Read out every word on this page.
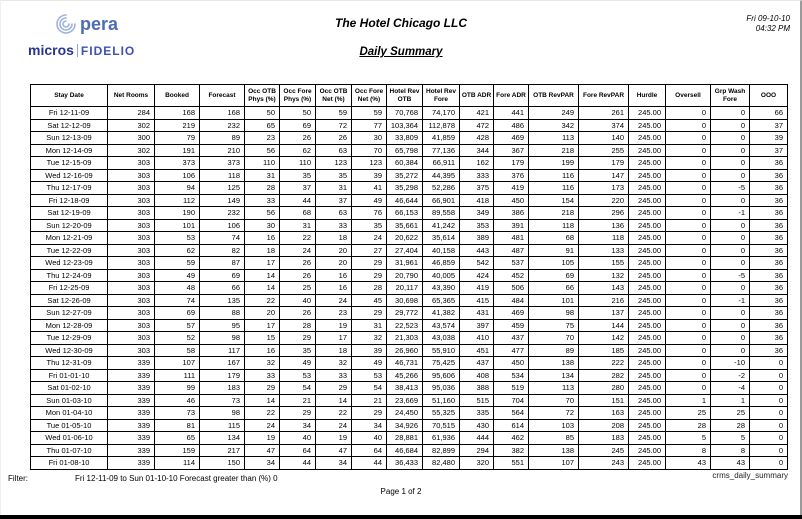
pera
micros FIDELIO
The Hotel Chicago LLC
Daily Summary
Fri 09-10-10
04:32 PM
Stay Date	Net Rooms	Booked	Forecast	Occ OTB Phys (%)	Occ Fore Phys (%)	Occ OTB Net (%)	Occ Fore Net (%)	Hotel Rev OTB	Hotel Rev Fore	OTB ADR	Fore ADR	OTB RevPAR	Fore RevPAR	Hurdle	Oversell	Grp Wash Fore	OOO
Fri 12-11-09	284	168	168	50	50	59	59	70,768	74,170	421	441	249	261	245.00	0	0	66
Sat 12-12-09	302	219	232	65	69	72	77	103,364	112,878	472	486	342	374	245.00	0	0	37
Sun 12-13-09	300	79	89	23	26	26	30	33,809	41,859	428	469	113	140	245.00	0	0	39
Mon 12-14-09	302	191	210	56	62	63	70	65,798	77,136	344	367	218	255	245.00	0	0	37
Tue 12-15-09	303	373	373	110	110	123	123	60,384	66,911	162	179	199	179	245.00	0	0	36
Wed 12-16-09	303	106	118	31	35	35	39	35,272	44,395	333	376	116	147	245.00	0	0	36
Thu 12-17-09	303	94	125	28	37	31	41	35,298	52,286	375	419	116	173	245.00	0	-5	36
Fri 12-18-09	303	112	149	33	44	37	49	46,644	66,901	418	450	154	220	245.00	0	0	36
Sat 12-19-09	303	190	232	56	68	63	76	66,153	89,558	349	386	218	296	245.00	0	-1	36
Sun 12-20-09	303	101	106	30	31	33	35	35,661	41,242	353	391	118	136	245.00	0	0	36
Mon 12-21-09	303	53	74	16	22	18	24	20,622	35,614	389	481	68	118	245.00	0	0	36
Tue 12-22-09	303	62	82	18	24	20	27	27,404	40,158	443	487	91	133	245.00	0	0	36
Wed 12-23-09	303	59	87	17	26	20	29	31,961	46,859	542	537	105	155	245.00	0	0	36
Thu 12-24-09	303	49	69	14	26	16	29	20,790	40,005	424	452	69	132	245.00	0	-5	36
Fri 12-25-09	303	48	66	14	25	16	28	20,117	43,390	419	506	66	143	245.00	0	0	36
Sat 12-26-09	303	74	135	22	40	24	45	30,698	65,365	415	484	101	216	245.00	0	-1	36
Sun 12-27-09	303	69	88	20	26	23	29	29,772	41,382	431	469	98	137	245.00	0	0	36
Mon 12-28-09	303	57	95	17	28	19	31	22,523	43,574	397	459	75	144	245.00	0	0	36
Tue 12-29-09	303	52	98	15	29	17	32	21,303	43,038	410	437	70	142	245.00	0	0	36
Wed 12-30-09	303	58	117	16	35	18	39	26,960	55,910	451	477	89	185	245.00	0	0	36
Thu 12-31-09	339	107	167	32	49	32	49	46,731	75,425	437	450	138	222	245.00	0	-10	0
Fri 01-01-10	339	111	179	33	53	33	53	45,266	95,606	408	534	134	282	245.00	0	-2	0
Sat 01-02-10	339	99	183	29	54	29	54	38,413	95,036	388	519	113	280	245.00	0	-4	0
Sun 01-03-10	339	46	73	14	21	14	21	23,669	51,160	515	704	70	151	245.00	1	1	0
Mon 01-04-10	339	73	98	22	29	22	29	24,450	55,325	335	564	72	163	245.00	25	25	0
Tue 01-05-10	339	81	115	24	34	24	34	34,926	70,515	430	614	103	208	245.00	28	28	0
Wed 01-06-10	339	65	134	19	40	19	40	28,881	61,936	444	462	85	183	245.00	5	5	0
Thu 01-07-10	339	159	217	47	64	47	64	46,684	82,899	294	382	138	245	245.00	8	8	0
Fri 01-08-10	339	114	150	34	44	34	44	36,433	82,480	320	551	107	243	245.00	43	43	0
Filter:	Fri 12-11-09 to Sun 01-10-10 Forecast greater than (%) 0	crms_daily_summary
Page 1 of 2
